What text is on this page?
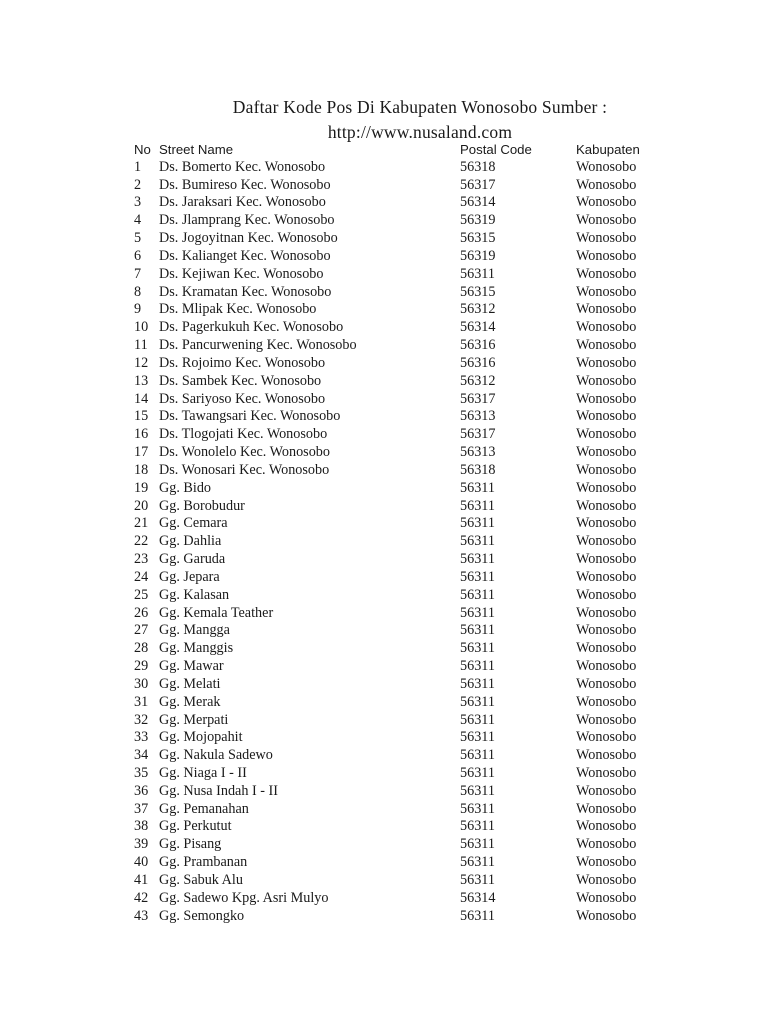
Daftar Kode Pos Di Kabupaten Wonosobo Sumber :
http://www.nusaland.com
No Street Name	Postal Code	Kabupaten
1 Ds. Bomerto Kec. Wonosobo	56318	Wonosobo
2 Ds. Bumireso Kec. Wonosobo	56317	Wonosobo
3 Ds. Jaraksari Kec. Wonosobo	56314	Wonosobo
4 Ds. Jlamprang Kec. Wonosobo	56319	Wonosobo
5 Ds. Jogoyitnan Kec. Wonosobo	56315	Wonosobo
6 Ds. Kalianget Kec. Wonosobo	56319	Wonosobo
7 Ds. Kejiwan Kec. Wonosobo	56311	Wonosobo
8 Ds. Kramatan Kec. Wonosobo	56315	Wonosobo
9 Ds. Mlipak Kec. Wonosobo	56312	Wonosobo
10 Ds. Pagerkukuh Kec. Wonosobo	56314	Wonosobo
11 Ds. Pancurwening Kec. Wonosobo	56316	Wonosobo
12 Ds. Rojoimo Kec. Wonosobo	56316	Wonosobo
13 Ds. Sambek Kec. Wonosobo	56312	Wonosobo
14 Ds. Sariyoso Kec. Wonosobo	56317	Wonosobo
15 Ds. Tawangsari Kec. Wonosobo	56313	Wonosobo
16 Ds. Tlogojati Kec. Wonosobo	56317	Wonosobo
17 Ds. Wonolelo Kec. Wonosobo	56313	Wonosobo
18 Ds. Wonosari Kec. Wonosobo	56318	Wonosobo
19 Gg. Bido	56311	Wonosobo
20 Gg. Borobudur	56311	Wonosobo
21 Gg. Cemara	56311	Wonosobo
22 Gg. Dahlia	56311	Wonosobo
23 Gg. Garuda	56311	Wonosobo
24 Gg. Jepara	56311	Wonosobo
25 Gg. Kalasan	56311	Wonosobo
26 Gg. Kemala Teather	56311	Wonosobo
27 Gg. Mangga	56311	Wonosobo
28 Gg. Manggis	56311	Wonosobo
29 Gg. Mawar	56311	Wonosobo
30 Gg. Melati	56311	Wonosobo
31 Gg. Merak	56311	Wonosobo
32 Gg. Merpati	56311	Wonosobo
33 Gg. Mojopahit	56311	Wonosobo
34 Gg. Nakula Sadewo	56311	Wonosobo
35 Gg. Niaga I - II	56311	Wonosobo
36 Gg. Nusa Indah I - II	56311	Wonosobo
37 Gg. Pemanahan	56311	Wonosobo
38 Gg. Perkutut	56311	Wonosobo
39 Gg. Pisang	56311	Wonosobo
40 Gg. Prambanan	56311	Wonosobo
41 Gg. Sabuk Alu	56311	Wonosobo
42 Gg. Sadewo Kpg. Asri Mulyo	56314	Wonosobo
43 Gg. Semongko	56311	Wonosobo
